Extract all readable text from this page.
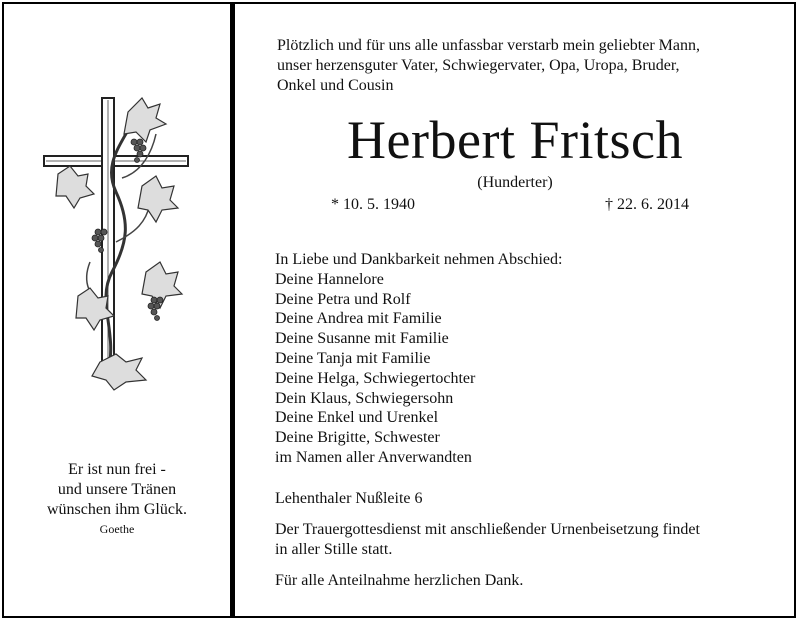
Er ist nun frei -
und unsere Tränen
wünschen ihm Glück.
Goethe
Plötzlich und für uns alle unfassbar verstarb mein geliebter Mann,
unser herzensguter Vater, Schwiegervater, Opa, Uropa, Bruder,
Onkel und Cousin
Herbert Fritsch
(Hunderter)
* 10. 5. 1940	† 22. 6. 2014
In Liebe und Dankbarkeit nehmen Abschied:
Deine Hannelore
Deine Petra und Rolf
Deine Andrea mit Familie
Deine Susanne mit Familie
Deine Tanja mit Familie
Deine Helga, Schwiegertochter
Dein Klaus, Schwiegersohn
Deine Enkel und Urenkel
Deine Brigitte, Schwester
im Namen aller Anverwandten
Lehenthaler Nußleite 6
Der Trauergottesdienst mit anschließender Urnenbeisetzung findet
in aller Stille statt.
Für alle Anteilnahme herzlichen Dank.
